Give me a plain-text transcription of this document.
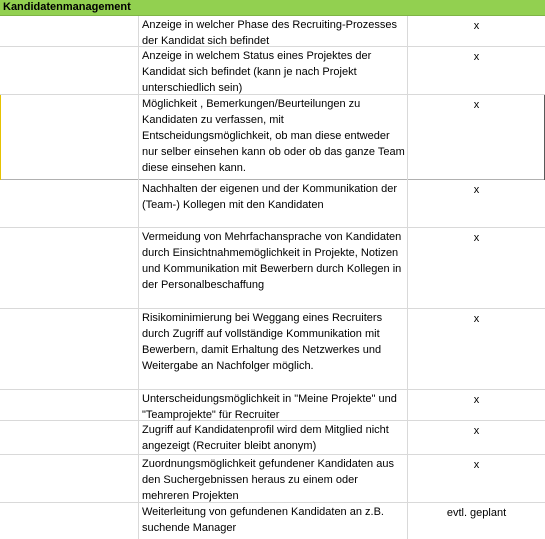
Kandidatenmanagement
Anzeige in welcher Phase des Recruiting-Prozesses der Kandidat sich befindet
x
Anzeige in welchem Status eines Projektes der Kandidat sich befindet (kann je nach Projekt unterschiedlich sein)
x
Möglichkeit , Bemerkungen/Beurteilungen zu Kandidaten zu verfassen, mit Entscheidungsmöglichkeit, ob man diese entweder nur selber einsehen kann ob oder ob das ganze Team diese einsehen kann.
x
Nachhalten der eigenen und der Kommunikation der (Team-) Kollegen mit den Kandidaten
x
Vermeidung von Mehrfachansprache von Kandidaten durch Einsichtnahmemöglichkeit in Projekte, Notizen und Kommunikation mit Bewerbern durch Kollegen in der Personalbeschaffung
x
Risikominimierung bei Weggang eines Recruiters durch Zugriff auf vollständige Kommunikation mit Bewerbern, damit Erhaltung des Netzwerkes und Weitergabe an Nachfolger möglich.
x
Unterscheidungsmöglichkeit in "Meine Projekte" und "Teamprojekte" für Recruiter
x
Zugriff auf Kandidatenprofil wird dem Mitglied nicht angezeigt (Recruiter bleibt anonym)
x
Zuordnungsmöglichkeit gefundener Kandidaten aus den Suchergebnissen heraus zu einem oder mehreren Projekten
x
Weiterleitung von gefundenen Kandidaten an z.B. suchende Manager
evtl. geplant
